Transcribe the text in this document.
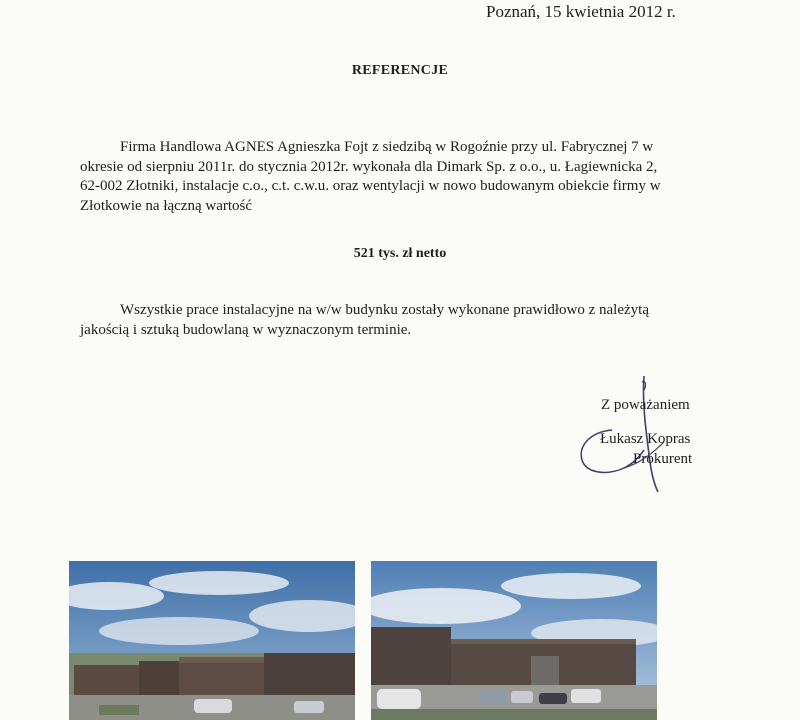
Poznań, 15 kwietnia 2012 r.
REFERENCJE
Firma Handlowa AGNES Agnieszka Fojt z siedzibą w Rogoźnie przy ul. Fabrycznej 7 w
okresie od sierpniu 2011r. do stycznia 2012r. wykonała dla Dimark Sp. z o.o., u. Łagiewnicka 2,
62-002 Złotniki, instalacje c.o., c.t. c.w.u. oraz wentylacji w nowo budowanym obiekcie firmy w
Złotkowie na łączną wartość
521 tys. zł netto
Wszystkie prace instalacyjne na w/w budynku zostały wykonane prawidłowo z należytą
jakością i sztuką budowlaną w wyznaczonym terminie.
Z poważaniem
Łukasz Kopras
Prokurent
